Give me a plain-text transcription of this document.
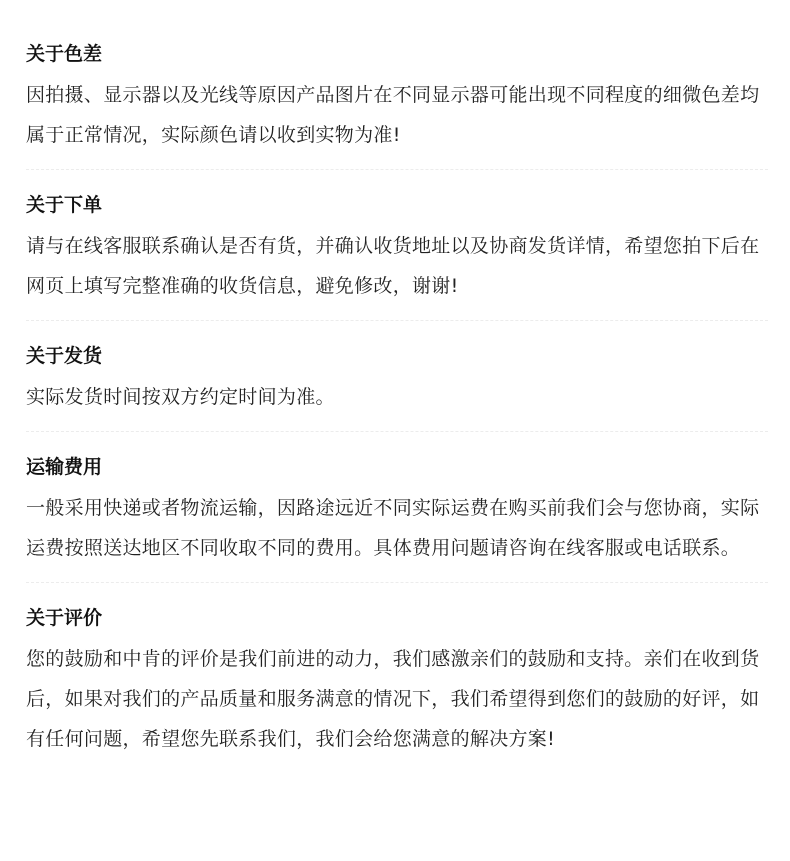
关于色差

因拍摄、显示器以及光线等原因产品图片在不同显示器可能出现不同程度的细微色差均属于正常情况，实际颜色请以收到实物为准!

关于下单

请与在线客服联系确认是否有货，并确认收货地址以及协商发货详情，希望您拍下后在网页上填写完整准确的收货信息，避免修改，谢谢!

关于发货

实际发货时间按双方约定时间为准。

运输费用

一般采用快递或者物流运输，因路途远近不同实际运费在购买前我们会与您协商，实际运费按照送达地区不同收取不同的费用。具体费用问题请咨询在线客服或电话联系。

关于评价

您的鼓励和中肯的评价是我们前进的动力，我们感激亲们的鼓励和支持。亲们在收到货后，如果对我们的产品质量和服务满意的情况下，我们希望得到您们的鼓励的好评，如有任何问题，希望您先联系我们，我们会给您满意的解决方案!
